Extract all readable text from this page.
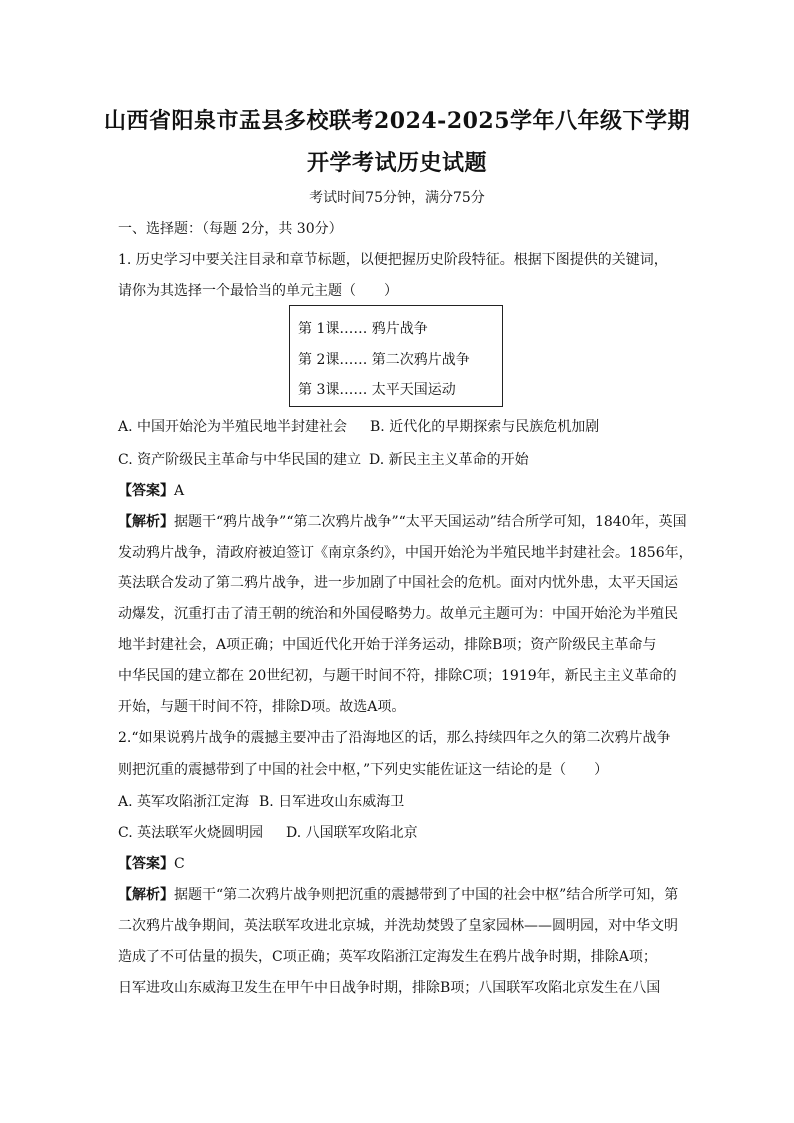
山西省阳泉市盂县多校联考2024-2025学年八年级下学期
开学考试历史试题
考试时间75分钟，满分75分
一、选择题：（每题 2分，共 30分）
1. 历史学习中要关注目录和章节标题，以便把握历史阶段特征。根据下图提供的关键词，
请你为其选择一个最恰当的单元主题（　　）
第 1课…… 鸦片战争
第 2课…… 第二次鸦片战争
第 3课…… 太平天国运动
A. 中国开始沦为半殖民地半封建社会 B. 近代化的早期探索与民族危机加剧
C. 资产阶级民主革命与中华民国的建立 D. 新民主主义革命的开始
【答案】A
【解析】据题干“鸦片战争”“第二次鸦片战争”“太平天国运动”结合所学可知，1840年，英国
发动鸦片战争，清政府被迫签订《南京条约》，中国开始沦为半殖民地半封建社会。1856年，
英法联合发动了第二鸦片战争，进一步加剧了中国社会的危机。面对内忧外患，太平天国运
动爆发，沉重打击了清王朝的统治和外国侵略势力。故单元主题可为：中国开始沦为半殖民
地半封建社会，A项正确；中国近代化开始于洋务运动，排除B项；资产阶级民主革命与
中华民国的建立都在 20世纪初，与题干时间不符，排除C项；1919年，新民主主义革命的
开始，与题干时间不符，排除D项。故选A项。
2.“如果说鸦片战争的震撼主要冲击了沿海地区的话，那么持续四年之久的第二次鸦片战争
则把沉重的震撼带到了中国的社会中枢，”下列史实能佐证这一结论的是（　　）
A. 英军攻陷浙江定海 B. 日军进攻山东威海卫
C. 英法联军火烧圆明园 D. 八国联军攻陷北京
【答案】C
【解析】据题干“第二次鸦片战争则把沉重的震撼带到了中国的社会中枢”结合所学可知，第
二次鸦片战争期间，英法联军攻进北京城，并洗劫焚毁了皇家园林——圆明园，对中华文明
造成了不可估量的损失，C项正确；英军攻陷浙江定海发生在鸦片战争时期，排除A项；
日军进攻山东威海卫发生在甲午中日战争时期，排除B项；八国联军攻陷北京发生在八国
